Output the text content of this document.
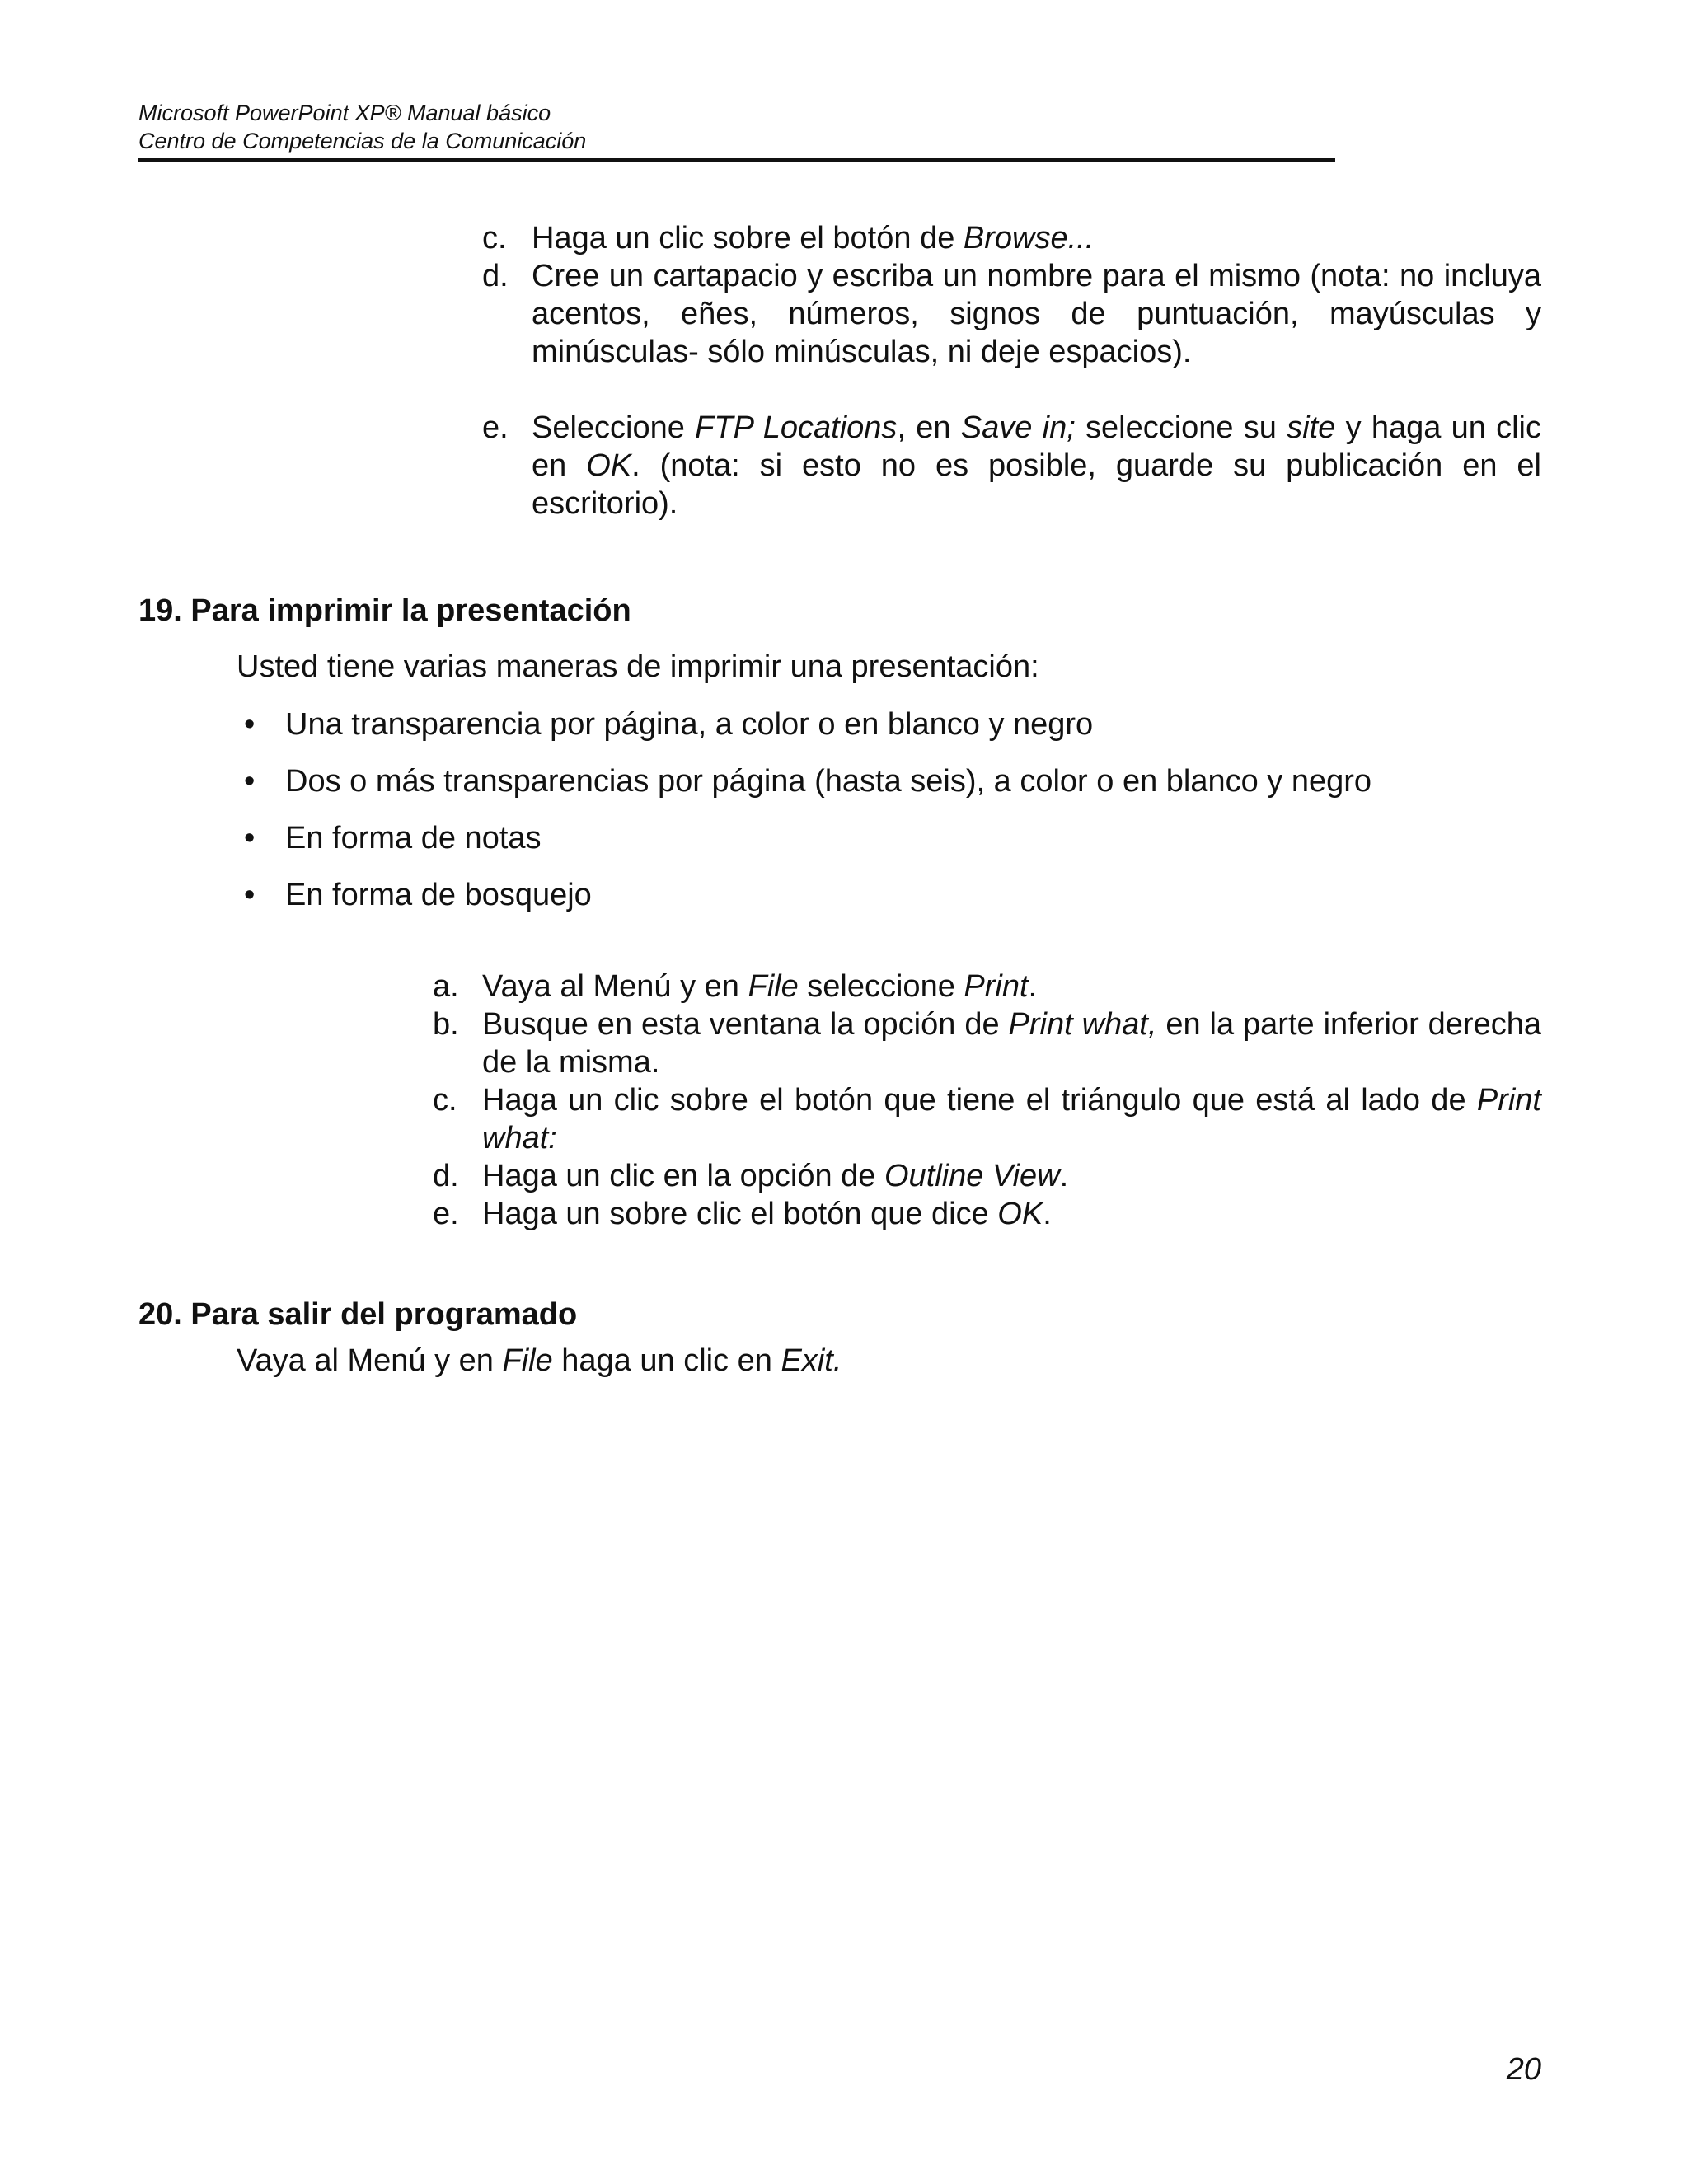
Microsoft PowerPoint XP® Manual básico
Centro de Competencias de la Comunicación
c. Haga un clic sobre el botón de Browse...
d. Cree un cartapacio y escriba un nombre para el mismo (nota: no incluya acentos, eñes, números, signos de puntuación, mayúsculas y minúsculas- sólo minúsculas, ni deje espacios).
e. Seleccione FTP Locations, en Save in; seleccione su site y haga un clic en OK. (nota: si esto no es posible, guarde su publicación en el escritorio).
19. Para imprimir la presentación
Usted tiene varias maneras de imprimir una presentación:
• Una transparencia por página, a color o en blanco y negro
• Dos o más transparencias por página (hasta seis), a color o en blanco y negro
• En forma de notas
• En forma de bosquejo
a. Vaya al Menú y en File seleccione Print.
b. Busque en esta ventana la opción de Print what, en la parte inferior derecha de la misma.
c. Haga un clic sobre el botón que tiene el triángulo que está al lado de Print what:
d. Haga un clic en la opción de Outline View.
e. Haga un sobre clic el botón que dice OK.
20. Para salir del programado
Vaya al Menú y en File haga un clic en Exit.
20
